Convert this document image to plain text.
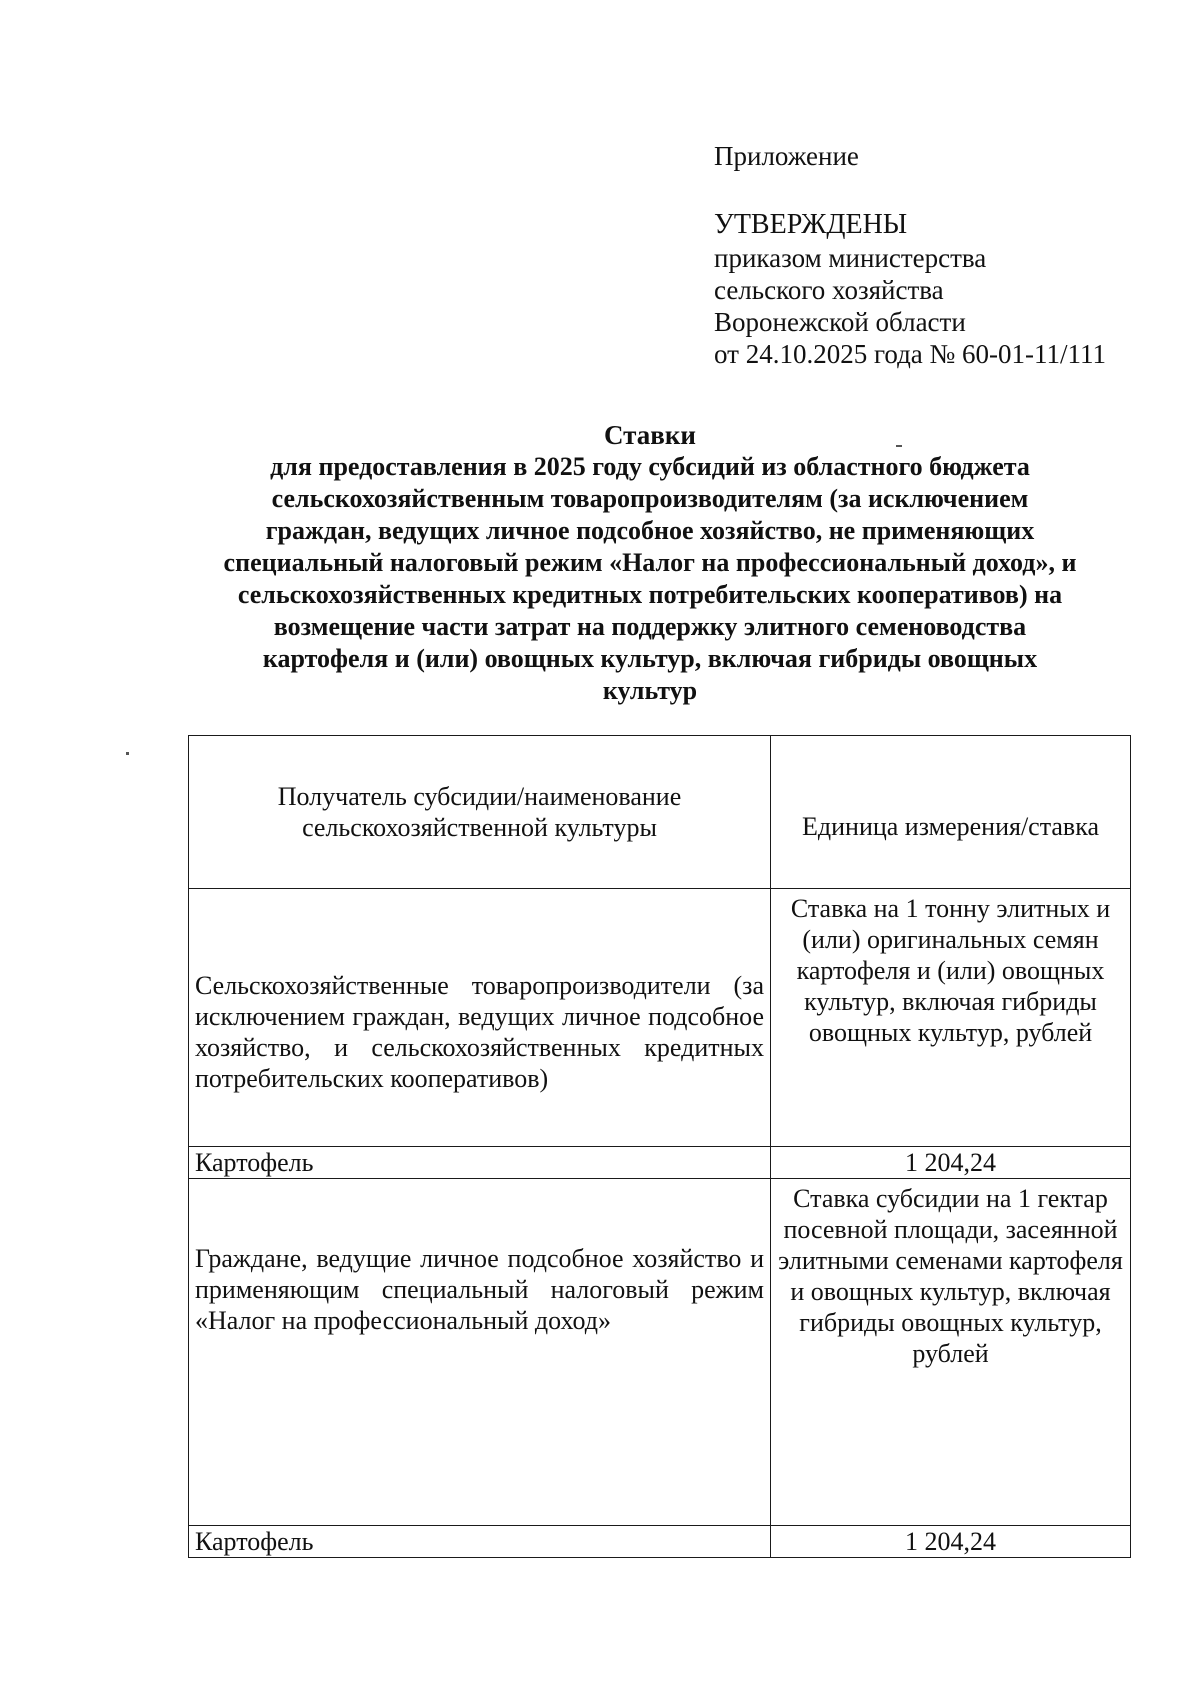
Приложение
УТВЕРЖДЕНЫ
приказом министерства
сельского хозяйства
Воронежской области
от 24.10.2025 года № 60-01-11/111
Ставки
для предоставления в 2025 году субсидий из областного бюджета
сельскохозяйственным товаропроизводителям (за исключением
граждан, ведущих личное подсобное хозяйство, не применяющих
специальный налоговый режим «Налог на профессиональный доход», и
сельскохозяйственных кредитных потребительских кооперативов) на
возмещение части затрат на поддержку элитного семеноводства
картофеля и (или) овощных культур, включая гибриды овощных
культур
Получатель субсидии/наименование сельскохозяйственной культуры	Единица измерения/ставка
Сельскохозяйственные товаропроизводители (за исключением граждан, ведущих личное подсобное хозяйство, и сельскохозяйственных кредитных потребительских кооперативов)	Ставка на 1 тонну элитных и (или) оригинальных семян картофеля и (или) овощных культур, включая гибриды овощных культур, рублей
Картофель	1 204,24
Граждане, ведущие личное подсобное хозяйство и применяющим специальный налоговый режим «Налог на профессиональный доход»	Ставка субсидии на 1 гектар посевной площади, засеянной элитными семенами картофеля и овощных культур, включая гибриды овощных культур, рублей
Картофель	1 204,24
